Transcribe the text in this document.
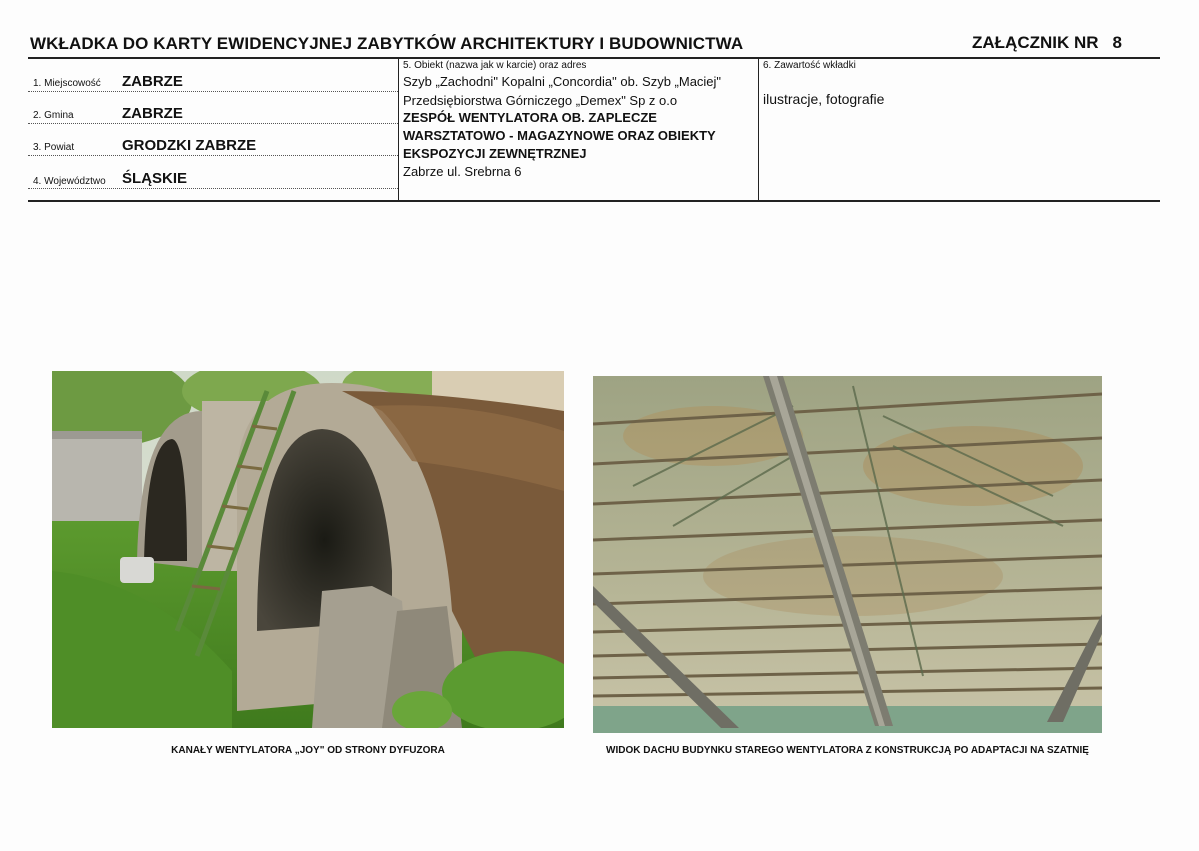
WKŁADKA DO KARTY EWIDENCYJNEJ ZABYTKÓW ARCHITEKTURY I BUDOWNICTWA	ZAŁĄCZNIK NR 8
1. Miejscowość ZABRZE
2. Gmina	ZABRZE
3. Powiat	GRODZKI ZABRZE
4. Województwo ŚLĄSKIE
5. Obiekt (nazwa jak w karcie) oraz adres
Szyb „Zachodni" Kopalni „Concordia" ob. Szyb „Maciej"
Przedsiębiorstwa Górniczego „Demex" Sp z o.o
ZESPÓŁ WENTYLATORA OB. ZAPLECZE
WARSZTATOWO - MAGAZYNOWE ORAZ OBIEKTY
EKSPOZYCJI ZEWNĘTRZNEJ
Zabrze ul. Srebrna 6
6. Zawartość wkładki
ilustracje, fotografie
KANAŁY WENTYLATORA „JOY" OD STRONY DYFUZORA	WIDOK DACHU BUDYNKU STAREGO WENTYLATORA Z KONSTRUKCJĄ PO ADAPTACJI NA SZATNIĘ
